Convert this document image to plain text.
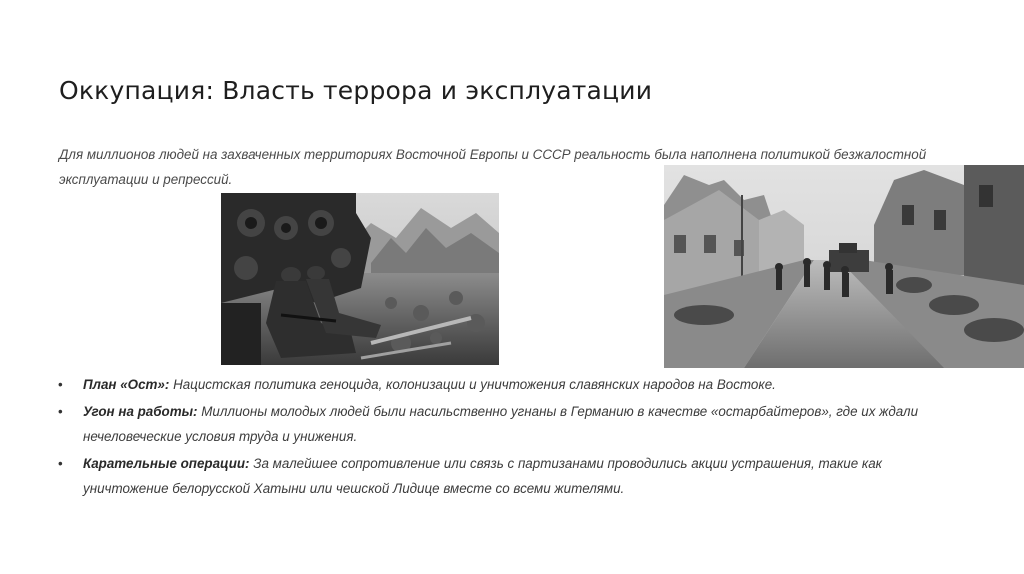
Оккупация: Власть террора и эксплуатации
Для миллионов людей на захваченных территориях Восточной Европы и СССР реальность была наполнена политикой безжалостной эксплуатации и репрессий.
• План «Ост»: Нацистская политика геноцида, колонизации и уничтожения славянских народов на Востоке.
• Угон на работы: Миллионы молодых людей были насильственно угнаны в Германию в качестве «остарбайтеров», где их ждали нечеловеческие условия труда и унижения.
• Карательные операции: За малейшее сопротивление или связь с партизанами проводились акции устрашения, такие как уничтожение белорусской Хатыни или чешской Лидице вместе со всеми жителями.
